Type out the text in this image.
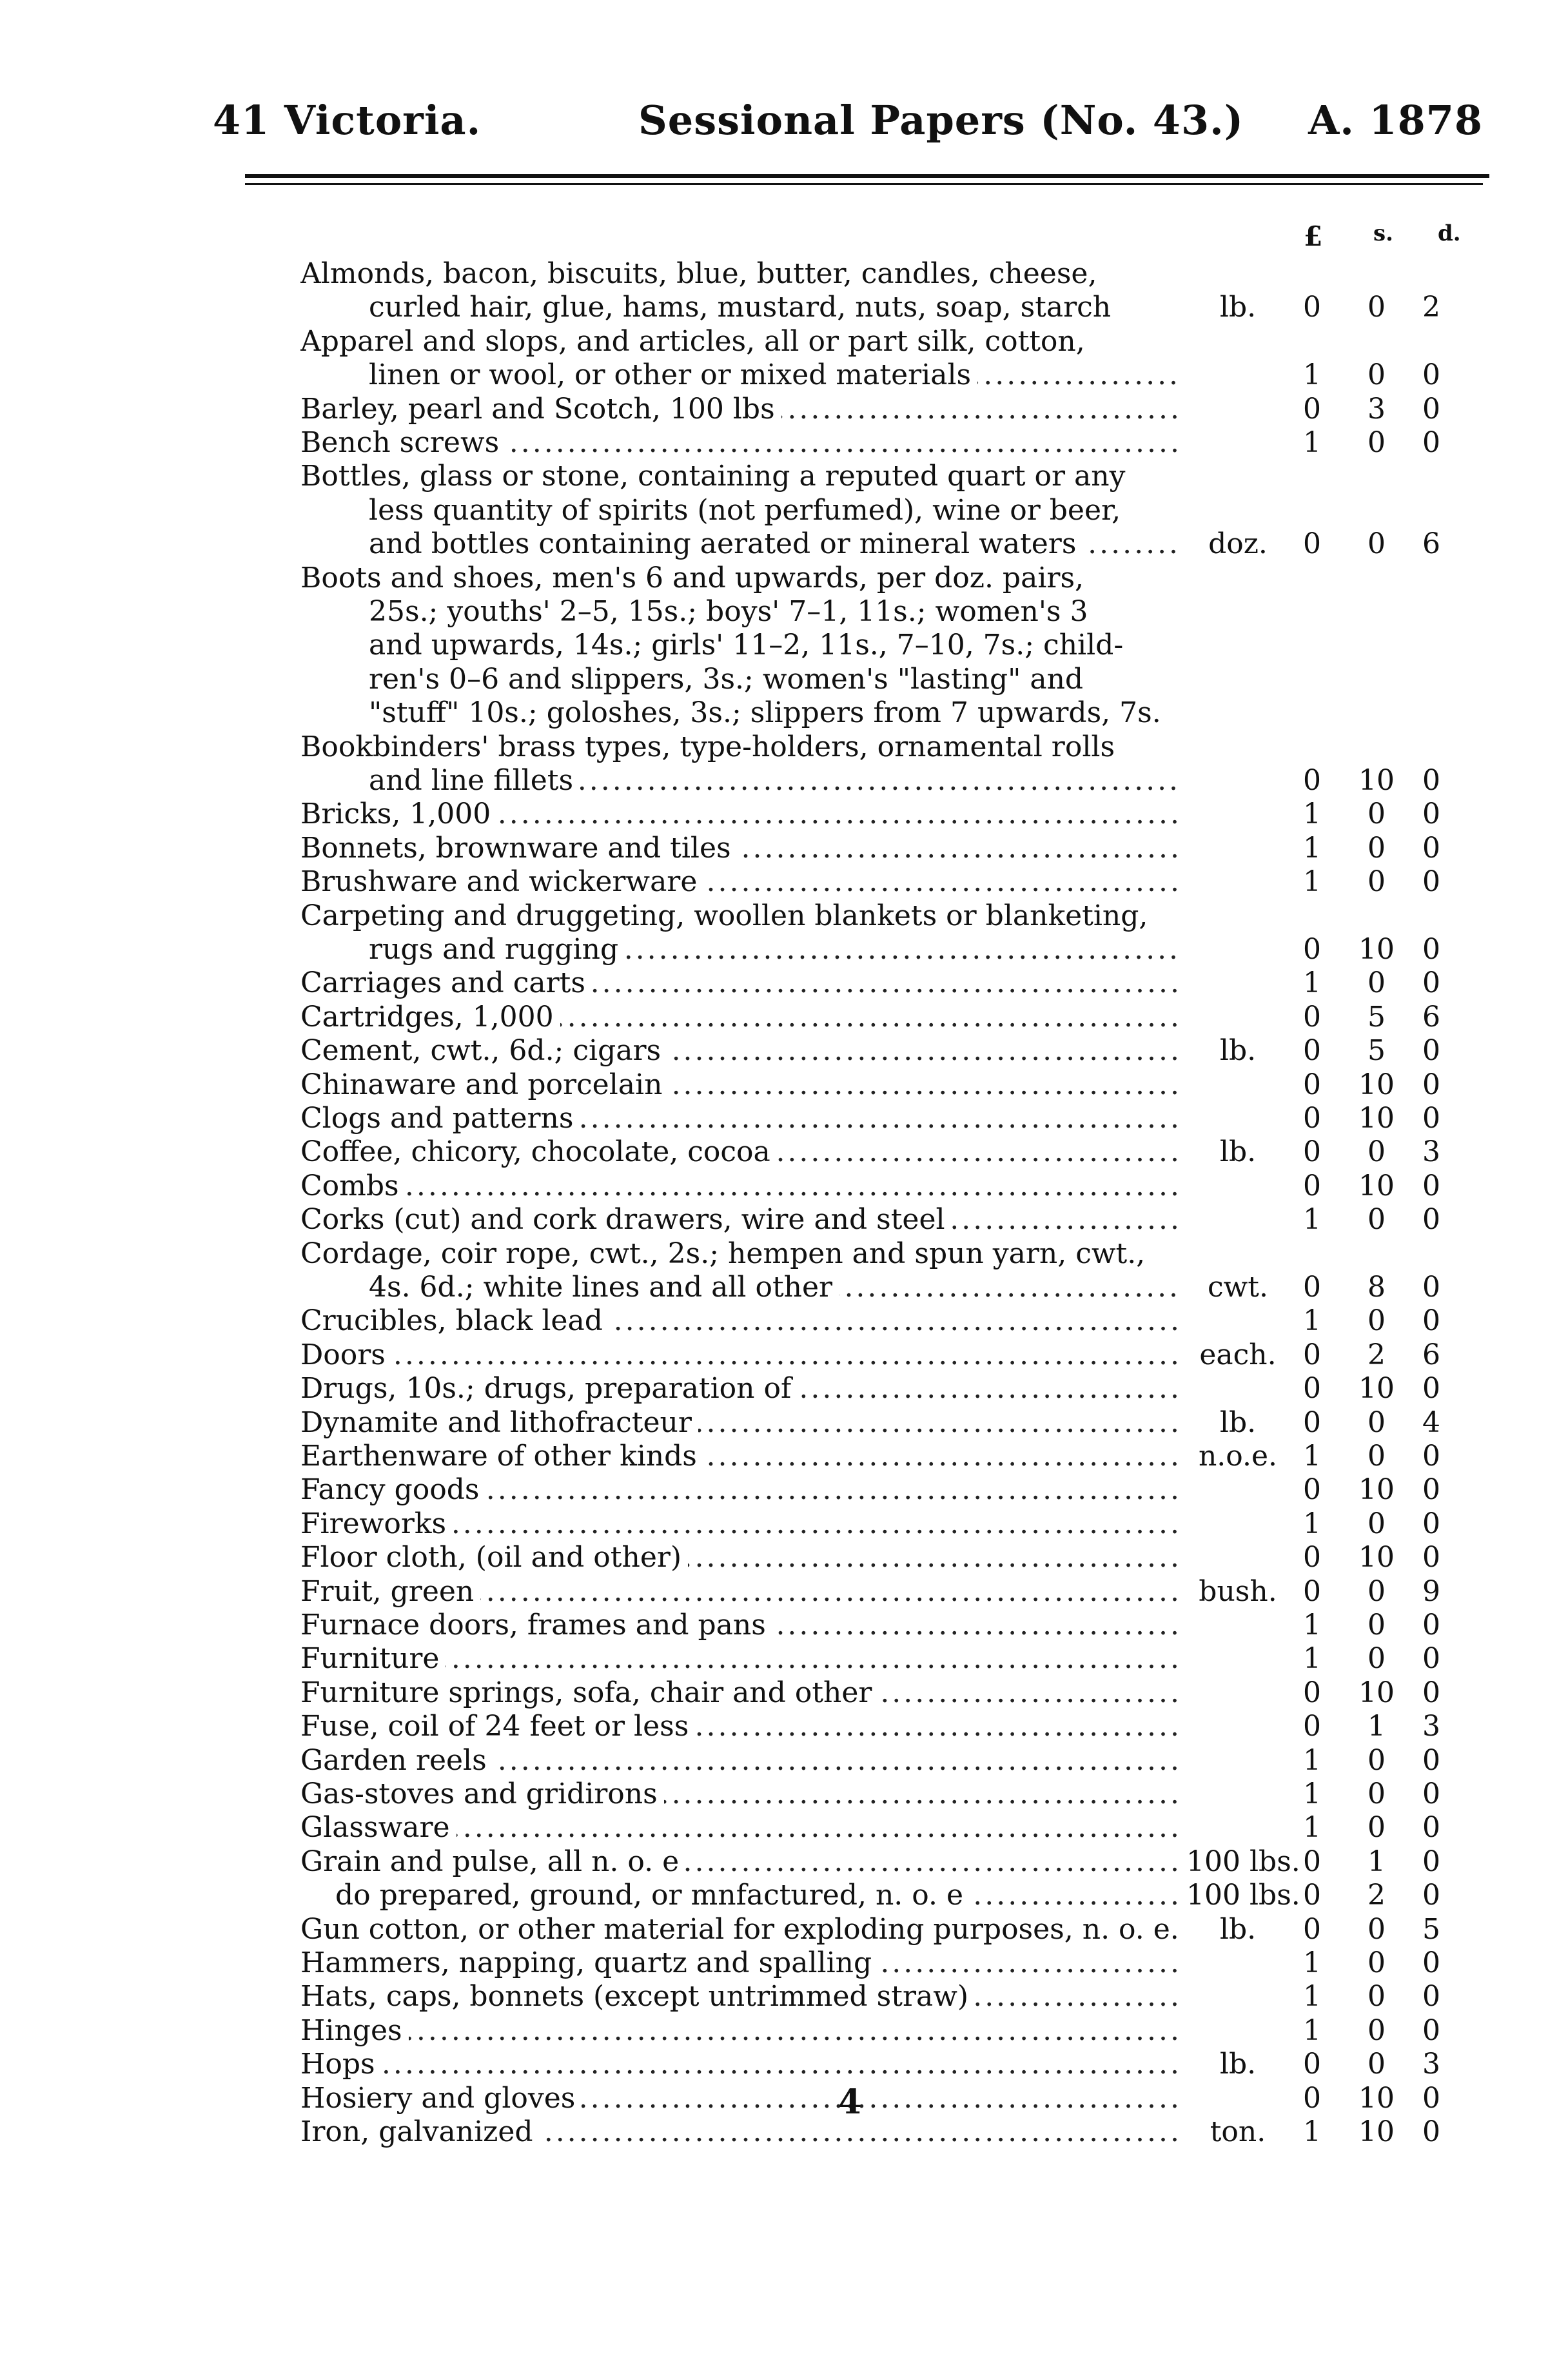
41 Victoria.	Sessional Papers (No. 43.) A. 1878
£ s. d.
Almonds, bacon, biscuits, blue, butter, candles, cheese,
curled hair, glue, hams, mustard, nuts, soap, starch	lb.	0	0	2
Apparel and slops, and articles, all or part silk, cotton,
linen or wool, or other or mixed materials .....	1	0	0
Barley, pearl and Scotch, 100 lbs .....	0	3	0
Bench screws .....	1	0	0
Bottles, glass or stone, containing a reputed quart or any
less quantity of spirits (not perfumed), wine or beer,
and bottles containing aerated or mineral waters .....	doz.	0	0	6
Boots and shoes, men's 6 and upwards, per doz. pairs,
25s.; youths' 2–5, 15s.; boys' 7–1, 11s.; women's 3
and upwards, 14s.; girls' 11–2, 11s., 7–10, 7s.; child-
ren's 0–6 and slippers, 3s.; women's "lasting" and
"stuff" 10s.; goloshes, 3s.; slippers from 7 upwards, 7s.
Bookbinders' brass types, type-holders, ornamental rolls
and line fillets .....	0	10 0
Bricks, 1,000 .....	1	0	0
Bonnets, brownware and tiles .....	1	0	0
Brushware and wickerware .....	1	0	0
Carpeting and druggeting, woollen blankets or blanketing,
rugs and rugging .....	0	10 0
Carriages and carts .....	1	0	0
Cartridges, 1,000 .....	0	5	6
Cement, cwt., 6d.; cigars .....	lb.	0	5	0
Chinaware and porcelain .....	0	10 0
Clogs and patterns .....	0	10 0
Coffee, chicory, chocolate, cocoa .....	lb.	0	0	3
Combs .....	0	10 0
Corks (cut) and cork drawers, wire and steel .....	1	0	0
Cordage, coir rope, cwt., 2s.; hempen and spun yarn, cwt.,
4s. 6d.; white lines and all other .....	cwt.	0	8	0
Crucibles, black lead .....	1	0	0
Doors .....	each. 0	2	6
Drugs, 10s.; drugs, preparation of .....	0	10 0
Dynamite and lithofracteur .....	lb.	0	0	4
Earthenware of other kinds .....	n.o.e. 1	0	0
Fancy goods .....	0	10 0
Fireworks .....	1	0	0
Floor cloth, (oil and other) .....	0	10 0
Fruit, green .....	bush. 0	0	9
Furnace doors, frames and pans .....	1	0	0
Furniture .....	1	0	0
Furniture springs, sofa, chair and other .....	0	10 0
Fuse, coil of 24 feet or less .....	0	1	3
Garden reels .....	1	0	0
Gas-stoves and gridirons .....	1	0	0
Glassware .....	1	0	0
Grain and pulse, all n. o. e .....	100 lbs. 0	1	0
do prepared, ground, or mnfactured, n. o. e .....	100 lbs. 0	2	0
Gun cotton, or other material for exploding purposes, n. o. e.	lb.	0	0	5
Hammers, napping, quartz and spalling .....	1	0	0
Hats, caps, bonnets (except untrimmed straw) .....	1	0	0
Hinges .....	1	0	0
Hops .....	lb.	0	0	3
Hosiery and gloves .....	0	10 0
Iron, galvanized .....	ton.	1	10 0
4
